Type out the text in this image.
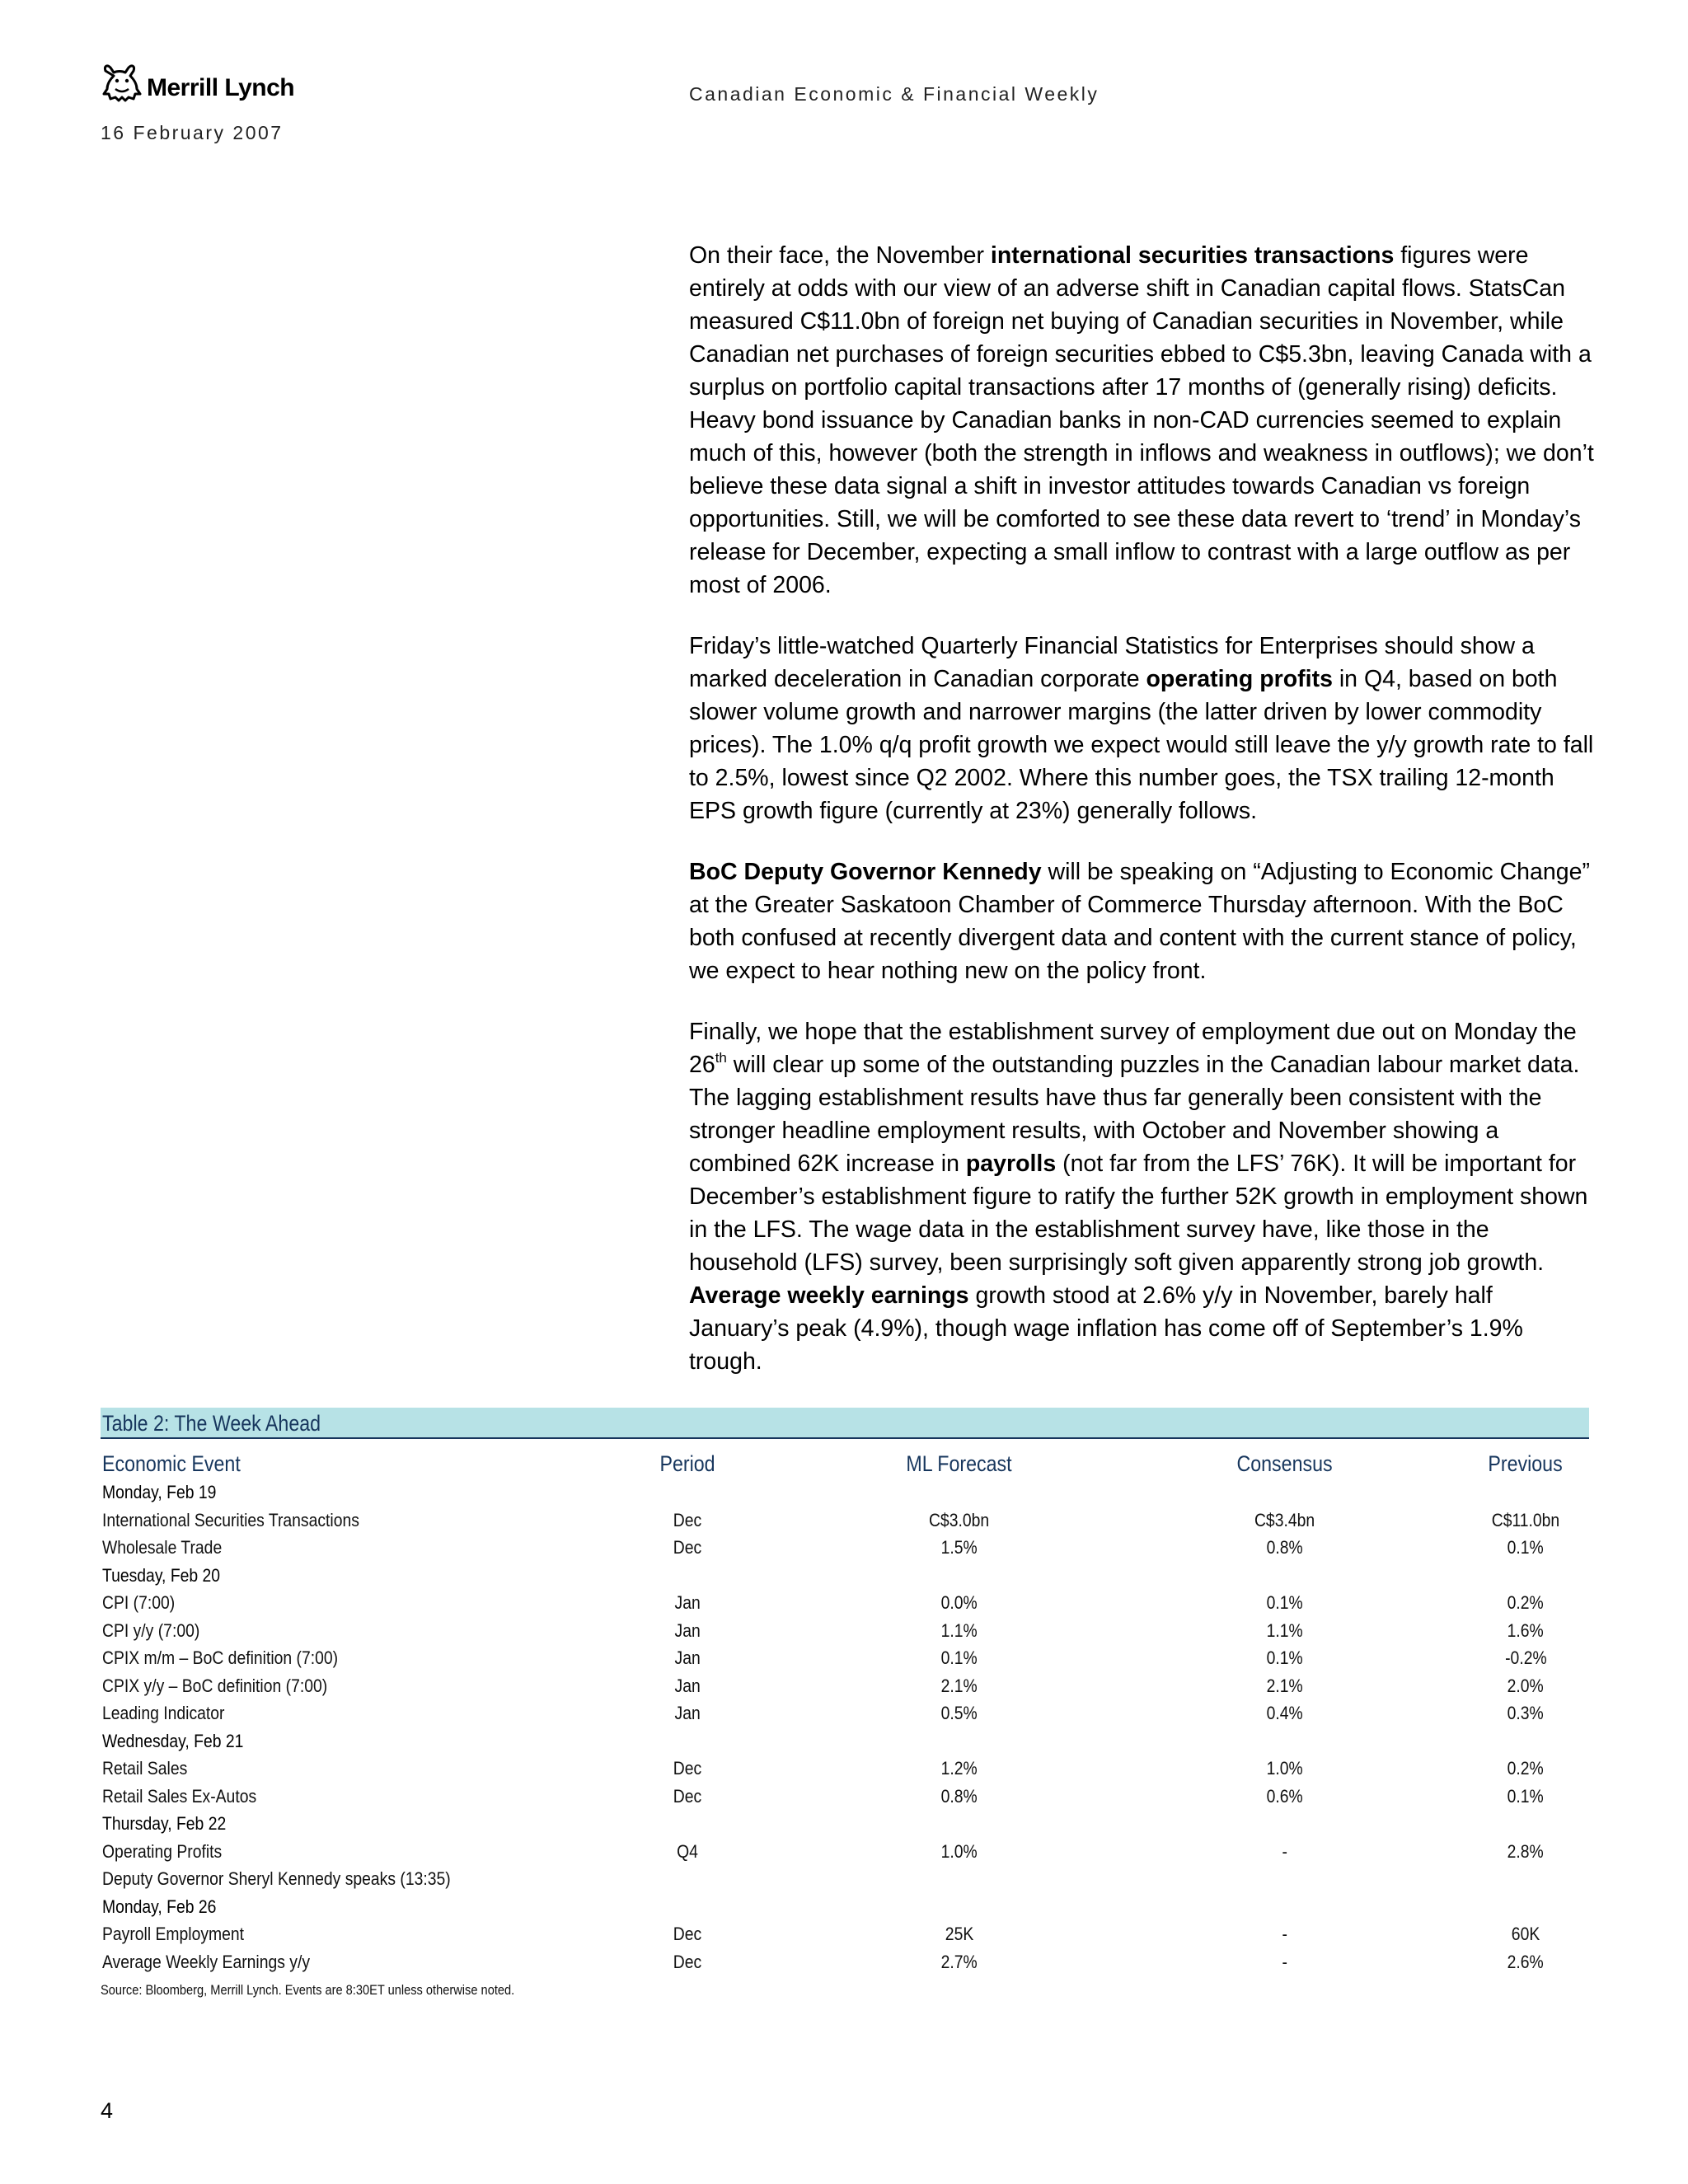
Merrill Lynch
16 February 2007
Canadian Economic & Financial Weekly

On their face, the November international securities transactions figures were entirely at odds with our view of an adverse shift in Canadian capital flows. StatsCan measured C$11.0bn of foreign net buying of Canadian securities in November, while Canadian net purchases of foreign securities ebbed to C$5.3bn, leaving Canada with a surplus on portfolio capital transactions after 17 months of (generally rising) deficits. Heavy bond issuance by Canadian banks in non-CAD currencies seemed to explain much of this, however (both the strength in inflows and weakness in outflows); we don’t believe these data signal a shift in investor attitudes towards Canadian vs foreign opportunities. Still, we will be comforted to see these data revert to ‘trend’ in Monday’s release for December, expecting a small inflow to contrast with a large outflow as per most of 2006.

Friday’s little-watched Quarterly Financial Statistics for Enterprises should show a marked deceleration in Canadian corporate operating profits in Q4, based on both slower volume growth and narrower margins (the latter driven by lower commodity prices). The 1.0% q/q profit growth we expect would still leave the y/y growth rate to fall to 2.5%, lowest since Q2 2002. Where this number goes, the TSX trailing 12-month EPS growth figure (currently at 23%) generally follows.

BoC Deputy Governor Kennedy will be speaking on “Adjusting to Economic Change” at the Greater Saskatoon Chamber of Commerce Thursday afternoon. With the BoC both confused at recently divergent data and content with the current stance of policy, we expect to hear nothing new on the policy front.

Finally, we hope that the establishment survey of employment due out on Monday the 26th will clear up some of the outstanding puzzles in the Canadian labour market data. The lagging establishment results have thus far generally been consistent with the stronger headline employment results, with October and November showing a combined 62K increase in payrolls (not far from the LFS’ 76K). It will be important for December’s establishment figure to ratify the further 52K growth in employment shown in the LFS. The wage data in the establishment survey have, like those in the household (LFS) survey, been surprisingly soft given apparently strong job growth. Average weekly earnings growth stood at 2.6% y/y in November, barely half January’s peak (4.9%), though wage inflation has come off of September’s 1.9% trough.

Table 2: The Week Ahead
Economic Event	Period	ML Forecast	Consensus	Previous
Monday, Feb 19
International Securities Transactions	Dec	C$3.0bn	C$3.4bn	C$11.0bn
Wholesale Trade	Dec	1.5%	0.8%	0.1%
Tuesday, Feb 20
CPI (7:00)	Jan	0.0%	0.1%	0.2%
CPI y/y (7:00)	Jan	1.1%	1.1%	1.6%
CPIX m/m – BoC definition (7:00)	Jan	0.1%	0.1%	-0.2%
CPIX y/y – BoC definition (7:00)	Jan	2.1%	2.1%	2.0%
Leading Indicator	Jan	0.5%	0.4%	0.3%
Wednesday, Feb 21
Retail Sales	Dec	1.2%	1.0%	0.2%
Retail Sales Ex-Autos	Dec	0.8%	0.6%	0.1%
Thursday, Feb 22
Operating Profits	Q4	1.0%	-	2.8%
Deputy Governor Sheryl Kennedy speaks (13:35)
Monday, Feb 26
Payroll Employment	Dec	25K	-	60K
Average Weekly Earnings y/y	Dec	2.7%	-	2.6%
Source: Bloomberg, Merrill Lynch. Events are 8:30ET unless otherwise noted.
4
